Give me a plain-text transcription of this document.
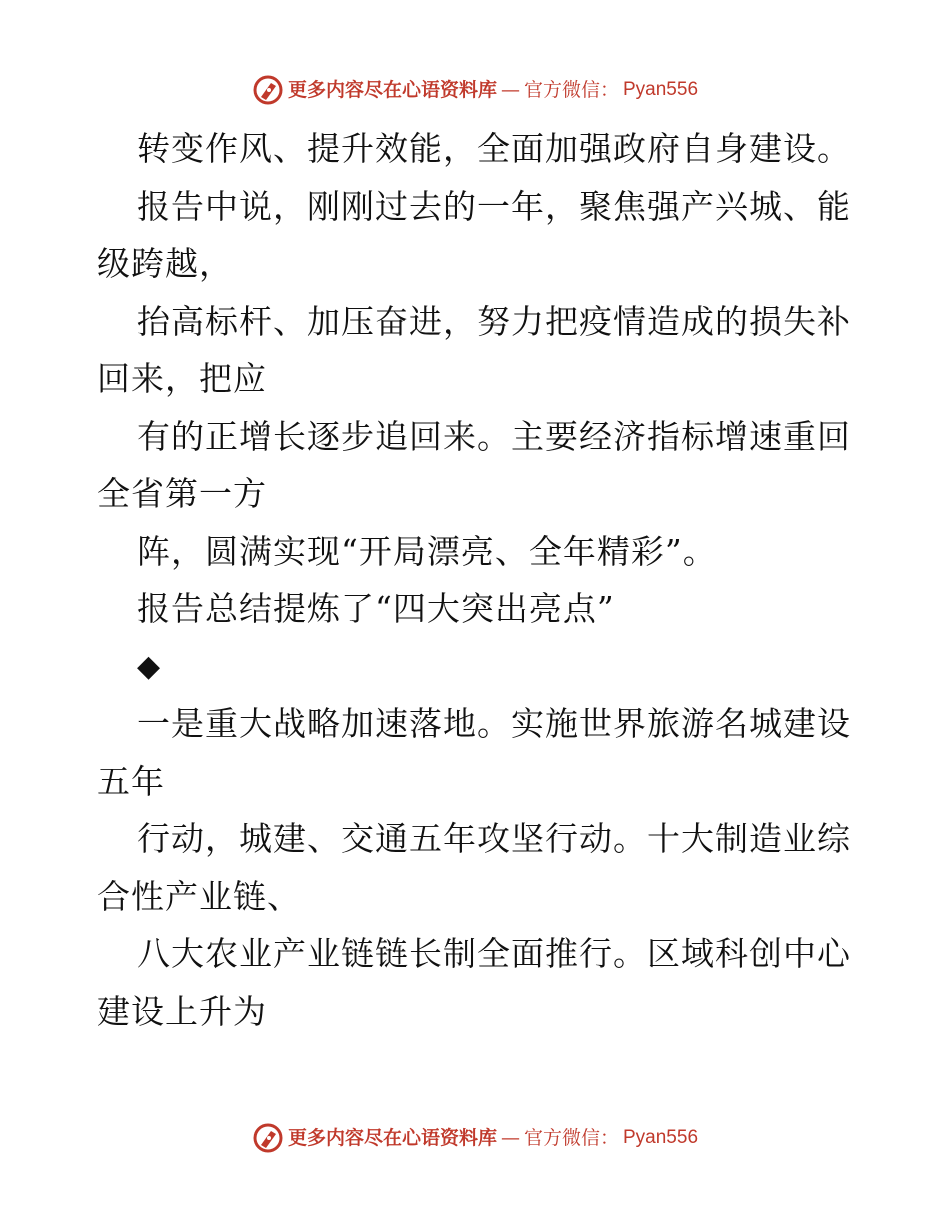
更多内容尽在心语资料库 — 官方微信： Pyan556
转变作风、提升效能，全面加强政府自身建设。
报告中说，刚刚过去的一年，聚焦强产兴城、能
级跨越，
抬高标杆、加压奋进，努力把疫情造成的损失补
回来，把应
有的正增长逐步追回来。主要经济指标增速重回
全省第一方
阵，圆满实现“开局漂亮、全年精彩”。
报告总结提炼了“四大突出亮点”
◆
一是重大战略加速落地。实施世界旅游名城建设
五年
行动，城建、交通五年攻坚行动。十大制造业综
合性产业链、
八大农业产业链链长制全面推行。区域科创中心
建设上升为
更多内容尽在心语资料库 — 官方微信： Pyan556
